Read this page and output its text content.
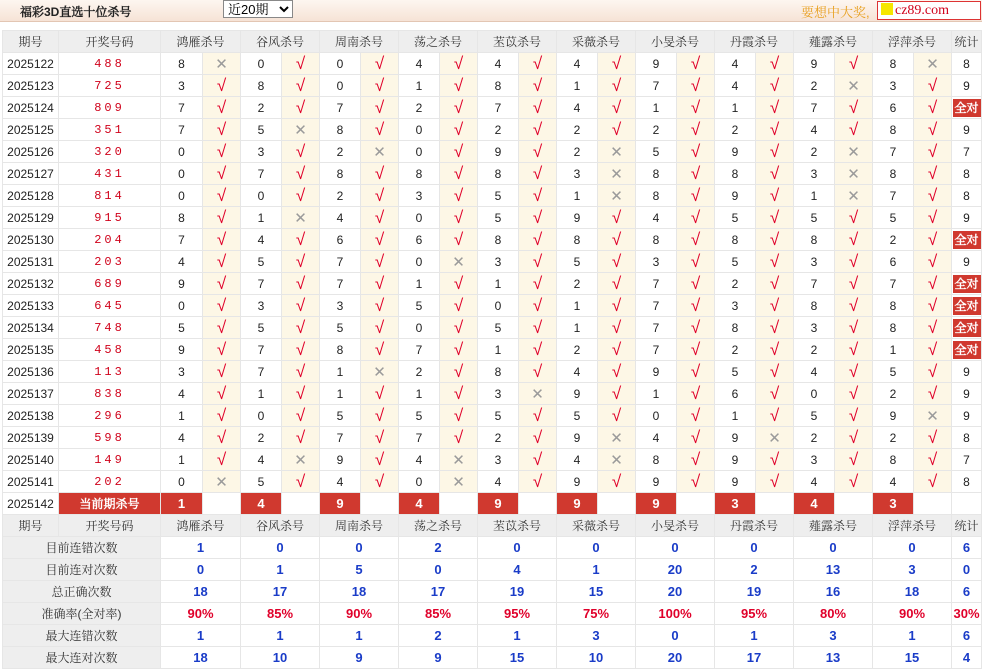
福彩3D直选十位杀号
近20期	要想中大奖,	cz89.com
期号	开奖号码	鸿雁杀号		谷风杀号		周南杀号		荡之杀号		苤苡杀号		采薇杀号		小旻杀号		丹霞杀号		薤露杀号		浮萍杀号		统计
2025122	488	8	✕	0	√	0	√	4	√	4	√	4	√	9	√	4	√	9	√	8	✕	8
2025123	725	3	√	8	√	0	√	1	√	8	√	1	√	7	√	4	√	2	✕	3	√	9
2025124	809	7	√	2	√	7	√	2	√	7	√	4	√	1	√	1	√	7	√	6	√	全对
2025125	351	7	√	5	✕	8	√	0	√	2	√	2	√	2	√	2	√	4	√	8	√	9
2025126	320	0	√	3	√	2	✕	0	√	9	√	2	✕	5	√	9	√	2	✕	7	√	7
2025127	431	0	√	7	√	8	√	8	√	8	√	3	✕	8	√	8	√	3	✕	8	√	8
2025128	814	0	√	0	√	2	√	3	√	5	√	1	✕	8	√	9	√	1	✕	7	√	8
2025129	915	8	√	1	✕	4	√	0	√	5	√	9	√	4	√	5	√	5	√	5	√	9
2025130	204	7	√	4	√	6	√	6	√	8	√	8	√	8	√	8	√	8	√	2	√	全对
2025131	203	4	√	5	√	7	√	0	✕	3	√	5	√	3	√	5	√	3	√	6	√	9
2025132	689	9	√	7	√	7	√	1	√	1	√	2	√	7	√	2	√	7	√	7	√	全对
2025133	645	0	√	3	√	3	√	5	√	0	√	1	√	7	√	3	√	8	√	8	√	全对
2025134	748	5	√	5	√	5	√	0	√	5	√	1	√	7	√	8	√	3	√	8	√	全对
2025135	458	9	√	7	√	8	√	7	√	1	√	2	√	7	√	2	√	2	√	1	√	全对
2025136	113	3	√	7	√	1	✕	2	√	8	√	4	√	9	√	5	√	4	√	5	√	9
2025137	838	4	√	1	√	1	√	1	√	3	✕	9	√	1	√	6	√	0	√	2	√	9
2025138	296	1	√	0	√	5	√	5	√	5	√	5	√	0	√	1	√	5	√	9	✕	9
2025139	598	4	√	2	√	7	√	7	√	2	√	9	✕	4	√	9	✕	2	√	2	√	8
2025140	149	1	√	4	✕	9	√	4	✕	3	√	4	✕	8	√	9	√	3	√	8	√	7
2025141	202	0	✕	5	√	4	√	0	✕	4	√	9	√	9	√	9	√	4	√	4	√	8
2025142	当前期杀号	1		4		9		4		9		9		9		3		4		3		
期号	开奖号码	鸿雁杀号		谷风杀号		周南杀号		荡之杀号		苤苡杀号		采薇杀号		小旻杀号		丹霞杀号		薤露杀号		浮萍杀号		统计
目前连错次数		1		0		0		2		0		0		0		0		0		0		6
目前连对次数		0		1		5		0		4		1		20		2		13		3		0
总正确次数		18		17		18		17		19		15		20		19		16		18		6
准确率(全对率)		90%		85%		90%		85%		95%		75%		100%		95%		80%		90%		30%
最大连错次数		1		1		1		2		1		3		0		1		3		1		6
最大连对次数		18		10		9		9		15		10		20		17		13		15		4
